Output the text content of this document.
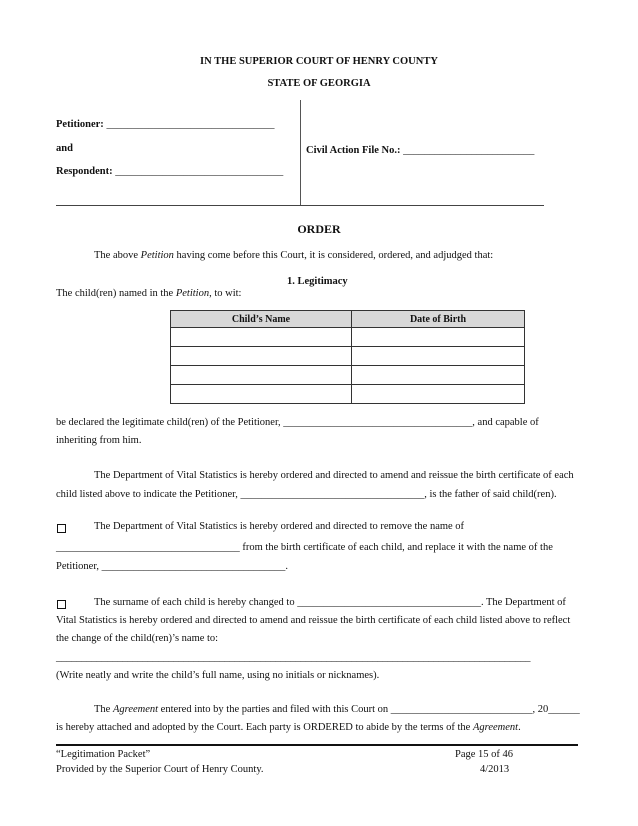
IN THE SUPERIOR COURT OF HENRY COUNTY
STATE OF GEORGIA
Petitioner: ________________________________
and
Respondent: ________________________________
Civil Action File No.: _________________________
ORDER
The above Petition having come before this Court, it is considered, ordered, and adjudged that:
1. Legitimacy
The child(ren) named in the Petition, to wit:
Child’s Name	Date of Birth

be declared the legitimate child(ren) of the Petitioner, ____________________________________, and capable of
inheriting from him.
The Department of Vital Statistics is hereby ordered and directed to amend and reissue the birth certificate of each
child listed above to indicate the Petitioner, ___________________________________, is the father of said child(ren).
The Department of Vital Statistics is hereby ordered and directed to remove the name of
___________________________________ from the birth certificate of each child, and replace it with the name of the
Petitioner, ___________________________________.
The surname of each child is hereby changed to ___________________________________. The Department of
Vital Statistics is hereby ordered and directed to amend and reissue the birth certificate of each child listed above to reflect
the change of the child(ren)’s name to:
_____________________________________________________________________________________________
(Write neatly and write the child’s full name, using no initials or nicknames).
The Agreement entered into by the parties and filed with this Court on ___________________________, 20______
is hereby attached and adopted by the Court. Each party is ORDERED to abide by the terms of the Agreement.
“Legitimation Packet”
Provided by the Superior Court of Henry County.
Page 15 of 46
4/2013
